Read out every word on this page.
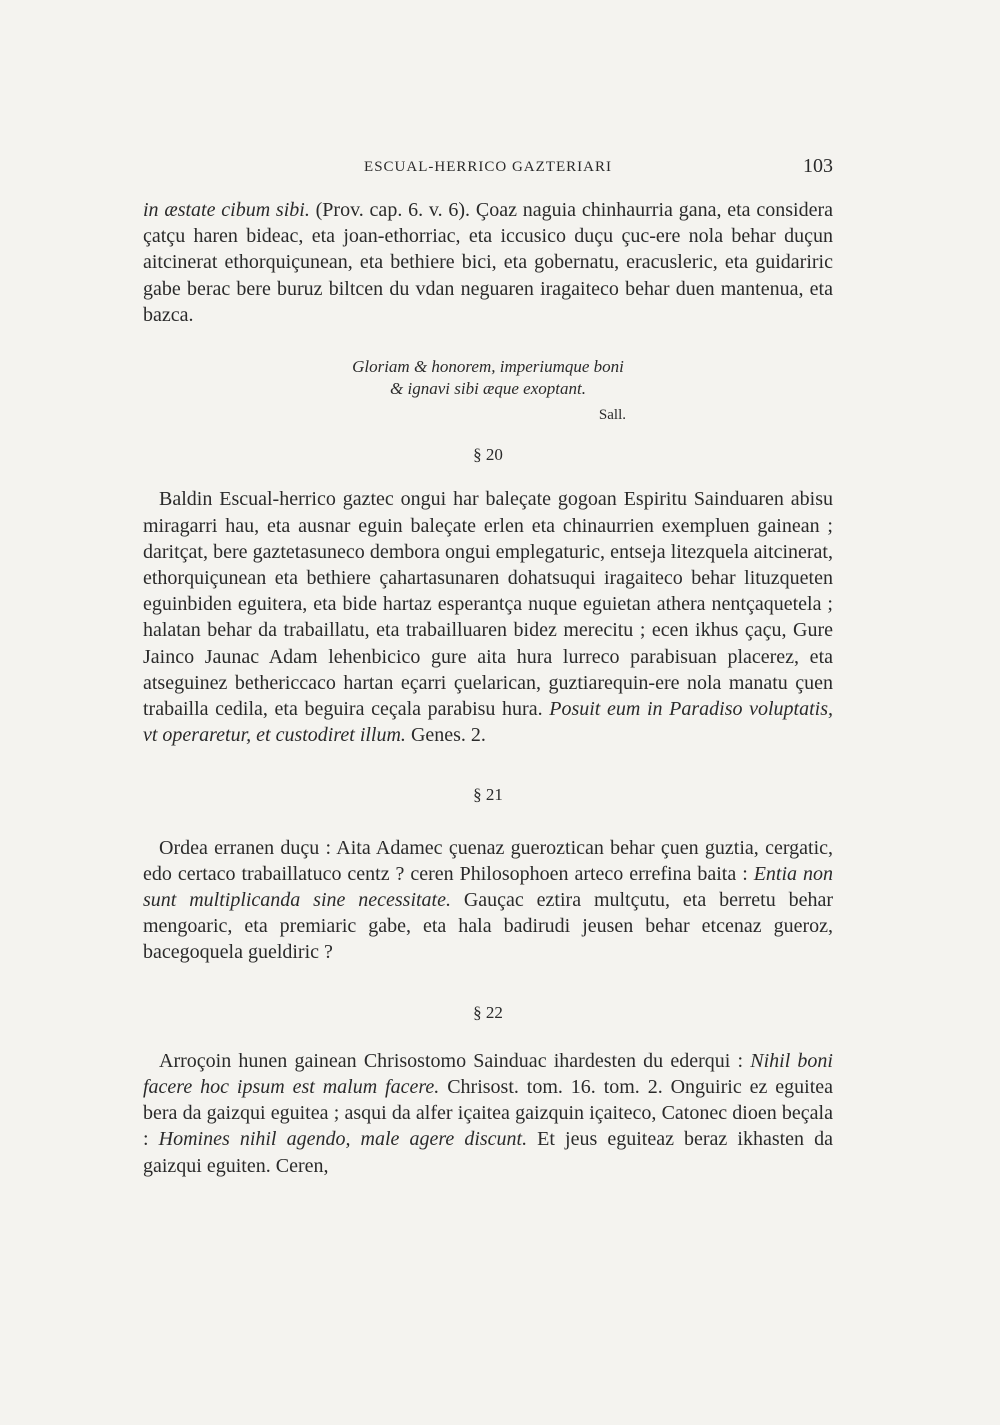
ESCUAL-HERRICO GAZTERIARI	103

in æstate cibum sibi. (Prov. cap. 6. v. 6). Çoaz naguia chinhaurria gana, eta considera çatçu haren bideac, eta joan-ethorriac, eta iccusico duçu çuc-ere nola behar duçun aitcinerat ethorquiçunean, eta bethiere bici, eta gobernatu, eracusleric, eta guidariric gabe berac bere buruz biltcen du vdan neguaren iragaiteco behar duen mantenua, eta bazca.

Gloriam & honorem, imperiumque boni
& ignavi sibi æque exoptant.
Sall.
§ 20

Baldin Escual-herrico gaztec ongui har baleçate gogoan Espiritu Sainduaren abisu miragarri hau, eta ausnar eguin baleçate erlen eta chinaurrien exempluen gainean ; daritçat, bere gaztetasuneco dembora ongui emplegaturic, entseja litezquela aitcinerat, ethorquiçunean eta bethiere çahartasunaren dohatsuqui iragaiteco behar lituzqueten eguinbiden eguitera, eta bide hartaz esperantça nuque eguietan athera nentçaquetela ; halatan behar da trabaillatu, eta trabailluaren bidez merecitu ; ecen ikhus çaçu, Gure Jainco Jaunac Adam lehenbicico gure aita hura lurreco parabisuan placerez, eta atseguinez bethericcaco hartan eçarri çuelarican, guztiarequin-ere nola manatu çuen trabailla cedila, eta beguira ceçala parabisu hura. Posuit eum in Paradiso voluptatis, vt operaretur, et custodiret illum. Genes. 2.

§ 21

Ordea erranen duçu : Aita Adamec çuenaz gueroztican behar çuen guztia, cergatic, edo certaco trabaillatuco centz ? ceren Philosophoen arteco errefina baita : Entia non sunt multiplicanda sine necessitate. Gauçac eztira multçutu, eta berretu behar mengoaric, eta premiaric gabe, eta hala badirudi jeusen behar etcenaz gueroz, bacegoquela gueldiric ?

§ 22

Arroçoin hunen gainean Chrisostomo Sainduac ihardesten du ederqui : Nihil boni facere hoc ipsum est malum facere. Chrisost. tom. 16. tom. 2. Onguiric ez eguitea bera da gaizqui eguitea ; asqui da alfer içaitea gaizquin içaiteco, Catonec dioen beçala : Homines nihil agendo, male agere discunt. Et jeus eguiteaz beraz ikhasten da gaizqui eguiten. Ceren,
